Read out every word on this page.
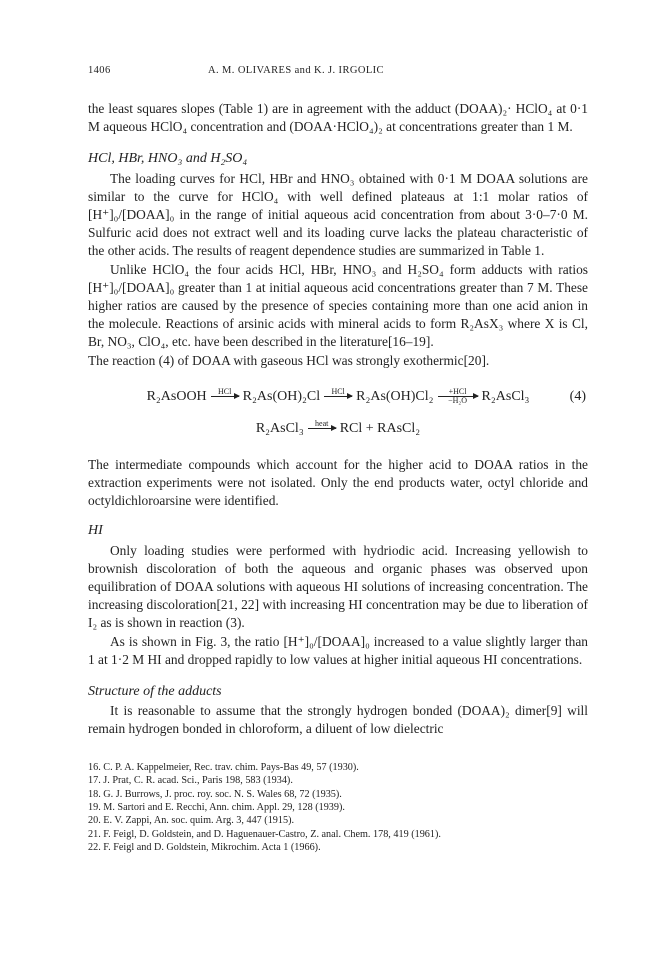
1406	A. M. OLIVARES and K. J. IRGOLIC

the least squares slopes (Table 1) are in agreement with the adduct (DOAA)₂· HClO₄ at 0·1 M aqueous HClO₄ concentration and (DOAA·HClO₄)₂ at concentrations greater than 1 M.

HCl, HBr, HNO₃ and H₂SO₄

The loading curves for HCl, HBr and HNO₃ obtained with 0·1 M DOAA solutions are similar to the curve for HClO₄ with well defined plateaus at 1:1 molar ratios of [H⁺]₀/[DOAA]₀ in the range of initial aqueous acid concentration from about 3·0–7·0 M. Sulfuric acid does not extract well and its loading curve lacks the plateau characteristic of the other acids. The results of reagent dependence studies are summarized in Table 1.

Unlike HClO₄ the four acids HCl, HBr, HNO₃ and H₂SO₄ form adducts with ratios [H⁺]₀/[DOAA]₀ greater than 1 at initial aqueous acid concentrations greater than 7 M. These higher ratios are caused by the presence of species containing more than one acid anion in the molecule. Reactions of arsinic acids with mineral acids to form R₂AsX₃ where X is Cl, Br, NO₃, ClO₄, etc. have been described in the literature[16–19].

The reaction (4) of DOAA with gaseous HCl was strongly exothermic[20].

R₂AsOOH HCl
R₂As(OH)₂Cl HCl
R₂As(OH)Cl₂ +HCl
−H₂O R₂AsCl₃	(4)
R₂AsCl₃ heat
RCl + RAsCl₂

The intermediate compounds which account for the higher acid to DOAA ratios in the extraction experiments were not isolated. Only the end products water, octyl chloride and octyldichloroarsine were identified.

HI

Only loading studies were performed with hydriodic acid. Increasing yellowish to brownish discoloration of both the aqueous and organic phases was observed upon equilibration of DOAA solutions with aqueous HI solutions of increasing concentration. The increasing discoloration[21, 22] with increasing HI concentration may be due to liberation of I₂ as is shown in reaction (3).

As is shown in Fig. 3, the ratio [H⁺]₀/[DOAA]₀ increased to a value slightly larger than 1 at 1·2 M HI and dropped rapidly to low values at higher initial aqueous HI concentrations.

Structure of the adducts

It is reasonable to assume that the strongly hydrogen bonded (DOAA)₂ dimer[9] will remain hydrogen bonded in chloroform, a diluent of low dielectric

16. C. P. A. Kappelmeier, Rec. trav. chim. Pays-Bas 49, 57 (1930).
17. J. Prat, C. R. acad. Sci., Paris 198, 583 (1934).
18. G. J. Burrows, J. proc. roy. soc. N. S. Wales 68, 72 (1935).
19. M. Sartori and E. Recchi, Ann. chim. Appl. 29, 128 (1939).
20. E. V. Zappi, An. soc. quim. Arg. 3, 447 (1915).
21. F. Feigl, D. Goldstein, and D. Haguenauer-Castro, Z. anal. Chem. 178, 419 (1961).
22. F. Feigl and D. Goldstein, Mikrochim. Acta 1 (1966).
